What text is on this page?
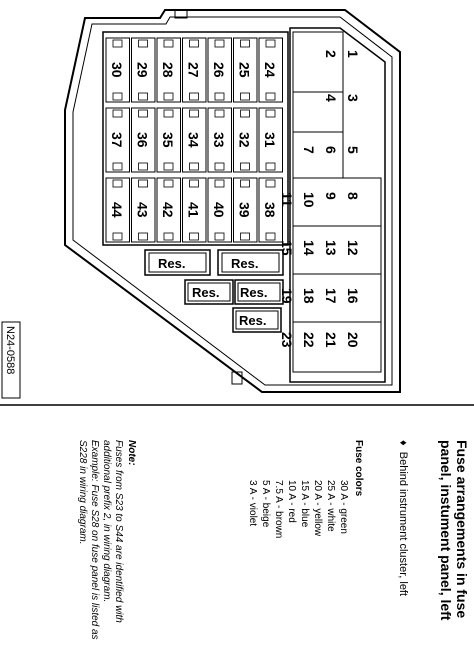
1
2
3
4
5
6
7
8
9
10
11
12
13
14
15
16
17
18
19
20
21
22
23
24
25
26
27
28
29
30
31
32
33
34
35
36
37
38
39
40
41
42
43
44
Res.	Res.
Res. Res.
Res.
N24-0588
Fuse arrangements in fuse
panel, instument panel, left
♦  Behind instrument cluster, left
Fuse colors
30 A - green
25 A - white
20 A - yellow
15 A - blue
10 A - red
7.5 A - brown
5 A - beige
3 A - violet
Note:
Fuses from S23 to S44 are identified with
additional prefix 2, in wiring diagram.
Example: Fuse S28 on fuse panel is listed as
S228 in wiring diagram.
